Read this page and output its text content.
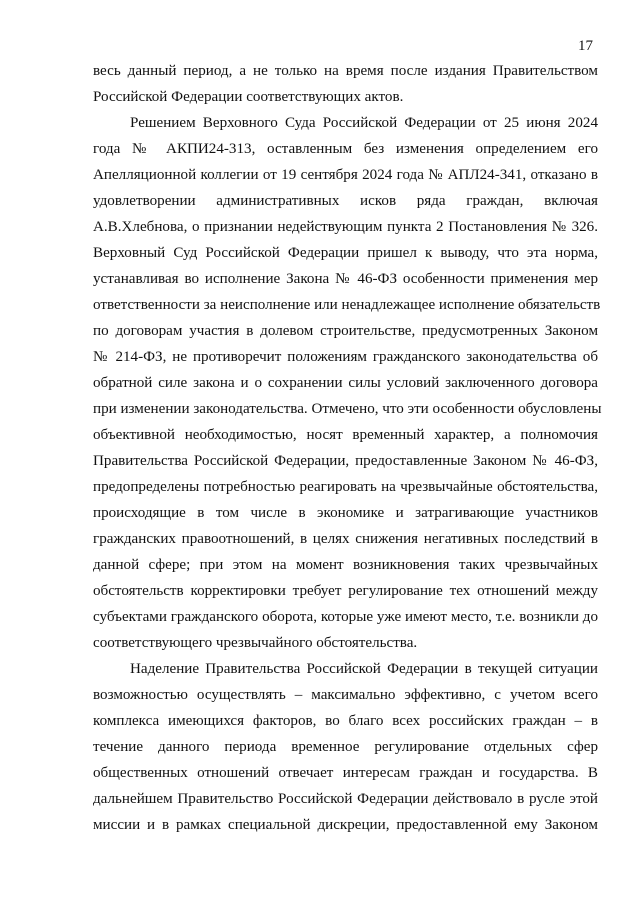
17
весь данный период, а не только на время после издания Правительством
Российской Федерации соответствующих актов.
Решением Верховного Суда Российской Федерации от 25 июня 2024
года № АКПИ24-313, оставленным без изменения определением его
Апелляционной коллегии от 19 сентября 2024 года № АПЛ24-341, отказано в
удовлетворении административных исков ряда граждан, включая
А.В.Хлебнова, о признании недействующим пункта 2 Постановления № 326.
Верховный Суд Российской Федерации пришел к выводу, что эта норма,
устанавливая во исполнение Закона № 46-ФЗ особенности применения мер
ответственности за неисполнение или ненадлежащее исполнение обязательств
по договорам участия в долевом строительстве, предусмотренных Законом
№ 214-ФЗ, не противоречит положениям гражданского законодательства об
обратной силе закона и о сохранении силы условий заключенного договора
при изменении законодательства. Отмечено, что эти особенности обусловлены
объективной необходимостью, носят временный характер, а полномочия
Правительства Российской Федерации, предоставленные Законом № 46-ФЗ,
предопределены потребностью реагировать на чрезвычайные обстоятельства,
происходящие в том числе в экономике и затрагивающие участников
гражданских правоотношений, в целях снижения негативных последствий в
данной сфере; при этом на момент возникновения таких чрезвычайных
обстоятельств корректировки требует регулирование тех отношений между
субъектами гражданского оборота, которые уже имеют место, т.е. возникли до
соответствующего чрезвычайного обстоятельства.
Наделение Правительства Российской Федерации в текущей ситуации
возможностью осуществлять – максимально эффективно, с учетом всего
комплекса имеющихся факторов, во благо всех российских граждан – в
течение данного периода временное регулирование отдельных сфер
общественных отношений отвечает интересам граждан и государства. В
дальнейшем Правительство Российской Федерации действовало в русле этой
миссии и в рамках специальной дискреции, предоставленной ему Законом
